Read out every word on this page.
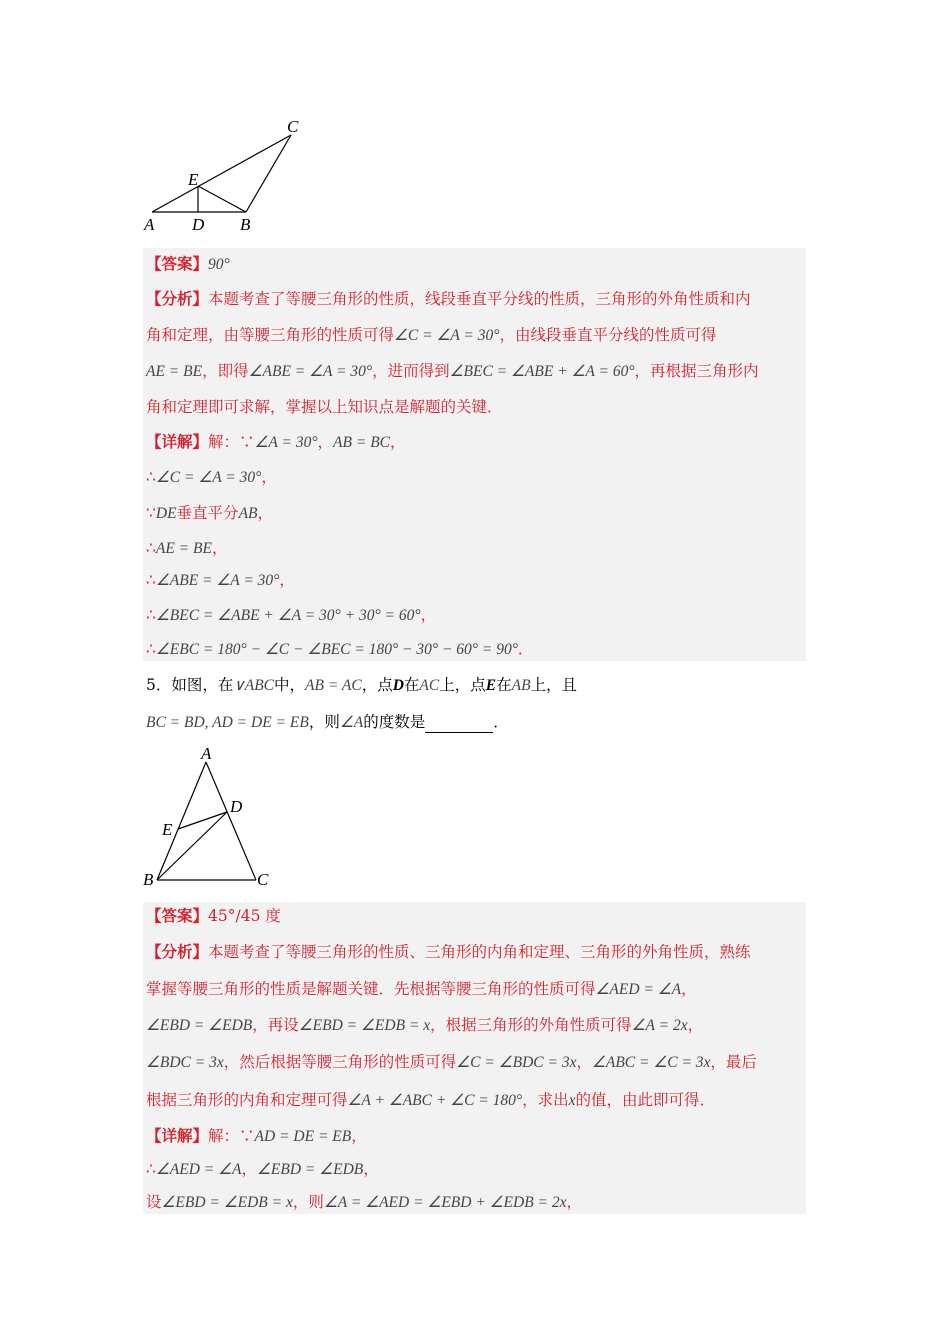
C
E
A D B
【答案】90°
【分析】本题考查了等腰三角形的性质，线段垂直平分线的性质，三角形的外角性质和内
角和定理，由等腰三角形的性质可得∠C = ∠A = 30°，由线段垂直平分线的性质可得
AE = BE，即得∠ABE = ∠A = 30°，进而得到∠BEC = ∠ABE + ∠A = 60°，再根据三角形内
角和定理即可求解，掌握以上知识点是解题的关键．
【详解】解：∵∠A = 30°，AB = BC，
∴∠C = ∠A = 30°，
∵DE垂直平分AB，
∴AE = BE，
∴∠ABE = ∠A = 30°，
∴∠BEC = ∠ABE + ∠A = 30° + 30° = 60°，
∴∠EBC = 180° − ∠C − ∠BEC = 180° − 30° − 60° = 90°．
5．如图，在∨ABC中，AB = AC，点D在AC上，点E在AB上，且
BC = BD, AD = DE = EB，则∠A的度数是	．
A
D
E
B	C
【答案】45°/45 度
【分析】本题考查了等腰三角形的性质、三角形的内角和定理、三角形的外角性质，熟练
掌握等腰三角形的性质是解题关键．先根据等腰三角形的性质可得∠AED = ∠A，
∠EBD = ∠EDB，再设∠EBD = ∠EDB = x，根据三角形的外角性质可得∠A = 2x，
∠BDC = 3x，然后根据等腰三角形的性质可得∠C = ∠BDC = 3x，∠ABC = ∠C = 3x，最后
根据三角形的内角和定理可得∠A + ∠ABC + ∠C = 180°，求出x的值，由此即可得．
【详解】解：∵AD = DE = EB，
∴∠AED = ∠A，∠EBD = ∠EDB，
设∠EBD = ∠EDB = x，则∠A = ∠AED = ∠EBD + ∠EDB = 2x，
